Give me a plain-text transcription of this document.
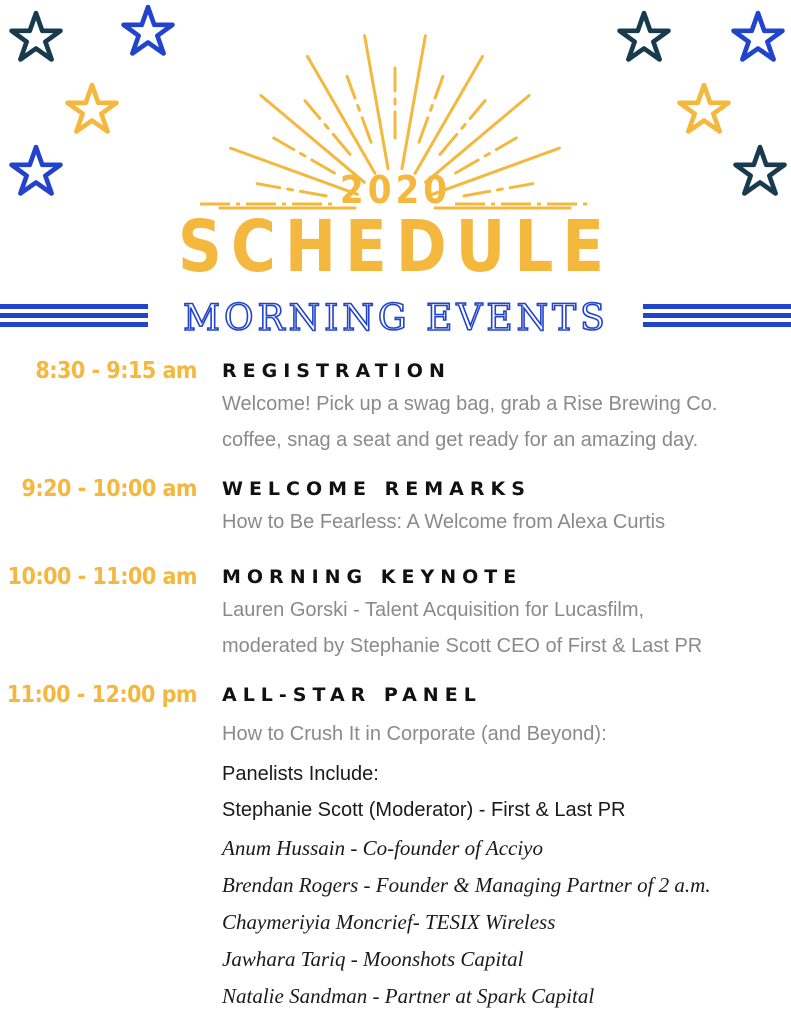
2020
SCHEDULE
MORNING EVENTS
8:30 - 9:15 am REGISTRATION
Welcome! Pick up a swag bag, grab a Rise Brewing Co.
coffee, snag a seat and get ready for an amazing day.
9:20 - 10:00 am WELCOME REMARKS
How to Be Fearless: A Welcome from Alexa Curtis
10:00 - 11:00 am MORNING KEYNOTE
Lauren Gorski - Talent Acquisition for Lucasfilm,
moderated by Stephanie Scott CEO of First & Last PR
11:00 - 12:00 pm ALL-STAR PANEL
How to Crush It in Corporate (and Beyond):
Panelists Include:
Stephanie Scott (Moderator) - First & Last PR
Anum Hussain - Co-founder of Acciyo
Brendan Rogers - Founder & Managing Partner of 2 a.m.
Chaymeriyia Moncrief- TESIX Wireless
Jawhara Tariq - Moonshots Capital
Natalie Sandman - Partner at Spark Capital
